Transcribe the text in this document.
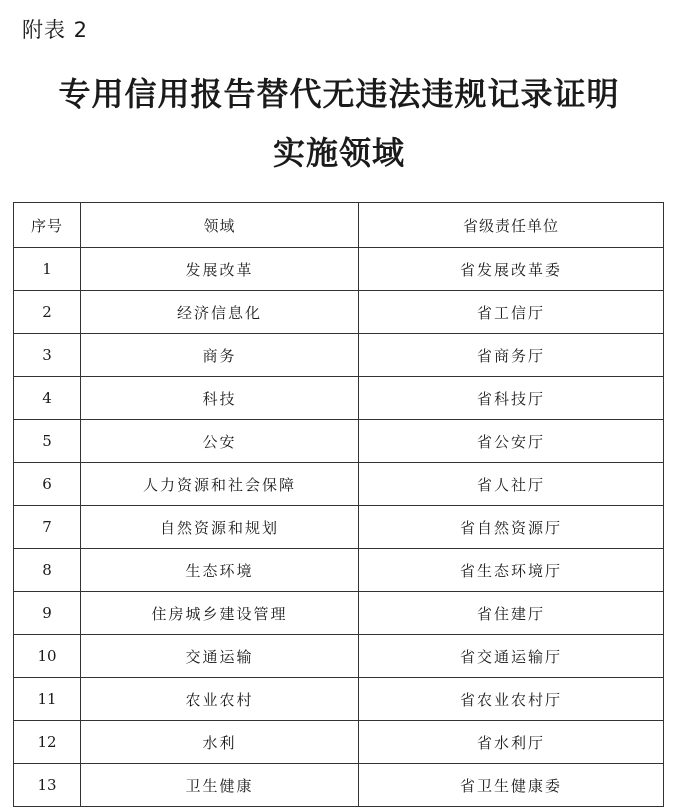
附表 2
专用信用报告替代无违法违规记录证明
实施领域
序号	领域	省级责任单位
1	发展改革	省发展改革委
2	经济信息化	省工信厅
3	商务	省商务厅
4	科技	省科技厅
5	公安	省公安厅
6	人力资源和社会保障	省人社厅
7	自然资源和规划	省自然资源厅
8	生态环境	省生态环境厅
9	住房城乡建设管理	省住建厅
10	交通运输	省交通运输厅
11	农业农村	省农业农村厅
12	水利	省水利厅
13	卫生健康	省卫生健康委
